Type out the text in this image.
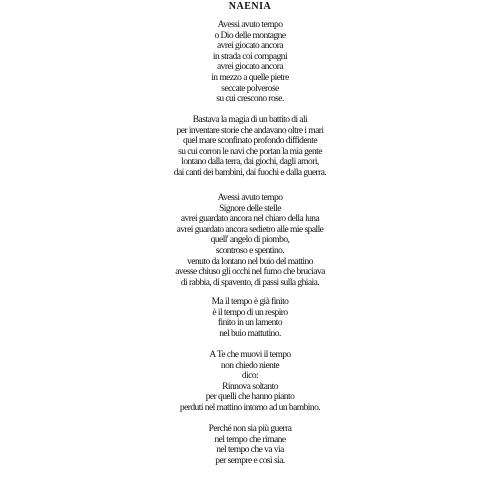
NAENIA
Avessi avuto tempo
o Dio delle montagne
avrei giocato ancora
in strada coi compagni
avrei giocato ancora
in mezzo a quelle pietre
seccate polverose
su cui crescono rose.
Bastava la magia di un battito di ali
per inventare storie che andavano oltre i mari
quel mare sconfinato profondo diffidente
su cui corron le navi che portan la mia gente
lontano dalla terra, dai giochi, dagli amori,
dai canti dei bambini, dai fuochi e dalla guerra.
Avessi avuto tempo
Signore delle stelle
avrei guardato ancora nel chiaro della luna
avrei guardato ancora sedietro alle mie spalle
quell' angelo di piombo,
scontroso e spentino.
venuto da lontano nel buio del mattino
avesse chiuso gli occhi nel fumo che bruciava
di rabbia, di spavento, di passi sulla ghiaia.
Ma il tempo è già finito
è il tempo di un respiro
finito in un lamento
nel buio mattutino.
A Te che muovi il tempo
non chiedo niente
dico:
Rinnova soltanto
per quelli che hanno pianto
perduti nel mattino intorno ad un bambino.
Perché non sia più guerra
nel tempo che rimane
nel tempo che va via
per sempre e così sia.
